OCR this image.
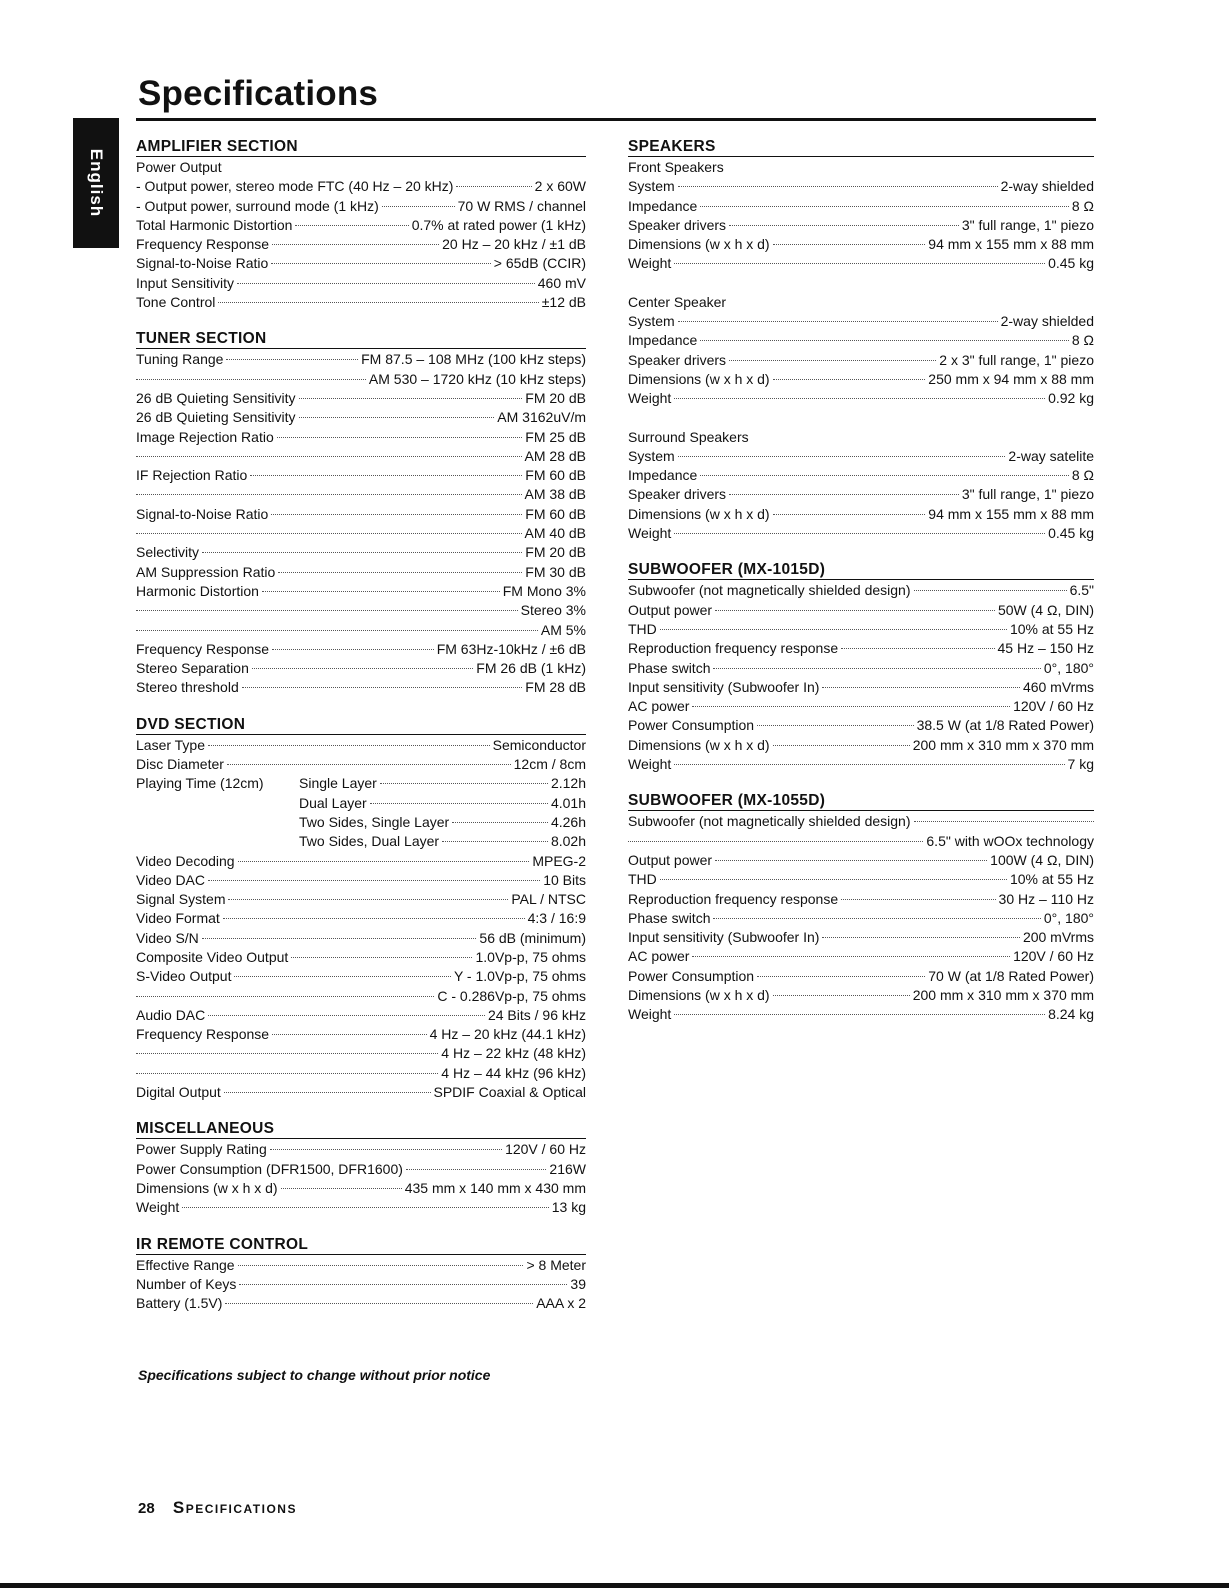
Specifications
English
AMPLIFIER SECTION
Power Output
- Output power, stereo mode FTC (40 Hz – 20 kHz)	2 x 60W
- Output power, surround mode (1 kHz)	70 W RMS / channel
Total Harmonic Distortion	0.7% at rated power (1 kHz)
Frequency Response	20 Hz – 20 kHz / ±1 dB
Signal-to-Noise Ratio	> 65dB (CCIR)
Input Sensitivity	460 mV
Tone Control	±12 dB
TUNER SECTION
Tuning Range	FM 87.5 – 108 MHz (100 kHz steps)
AM 530 – 1720 kHz (10 kHz steps)
26 dB Quieting Sensitivity	FM 20 dB
26 dB Quieting Sensitivity	AM 3162uV/m
Image Rejection Ratio	FM 25 dB
AM 28 dB
IF Rejection Ratio	FM 60 dB
AM 38 dB
Signal-to-Noise Ratio	FM 60 dB
AM 40 dB
Selectivity	FM 20 dB
AM Suppression Ratio	FM 30 dB
Harmonic Distortion	FM Mono 3%
Stereo 3%
AM 5%
Frequency Response	FM 63Hz-10kHz / ±6 dB
Stereo Separation	FM 26 dB (1 kHz)
Stereo threshold	FM 28 dB
DVD SECTION
Laser Type	Semiconductor
Disc Diameter	12cm / 8cm
Playing Time (12cm)	Single Layer	2.12h
Dual Layer	4.01h
Two Sides, Single Layer	4.26h
Two Sides, Dual Layer	8.02h
Video Decoding	MPEG-2
Video DAC	10 Bits
Signal System	PAL / NTSC
Video Format	4:3 / 16:9
Video S/N	56 dB (minimum)
Composite Video Output	1.0Vp-p, 75 ohms
S-Video Output	Y - 1.0Vp-p, 75 ohms
C - 0.286Vp-p, 75 ohms
Audio DAC	24 Bits / 96 kHz
Frequency Response	4 Hz – 20 kHz (44.1 kHz)
4 Hz – 22 kHz (48 kHz)
4 Hz – 44 kHz (96 kHz)
Digital Output	SPDIF Coaxial & Optical
MISCELLANEOUS
Power Supply Rating	120V / 60 Hz
Power Consumption (DFR1500, DFR1600)	216W
Dimensions (w x h x d)	435 mm x 140 mm x 430 mm
Weight	13 kg
IR REMOTE CONTROL
Effective Range	> 8 Meter
Number of Keys	39
Battery (1.5V)	AAA x 2
SPEAKERS
Front Speakers
System	2-way shielded
Impedance	8 Ω
Speaker drivers	3" full range, 1" piezo
Dimensions (w x h x d)	94 mm x 155 mm x 88 mm
Weight	0.45 kg
Center Speaker
System	2-way shielded
Impedance	8 Ω
Speaker drivers	2 x 3" full range, 1" piezo
Dimensions (w x h x d)	250 mm x 94 mm x 88 mm
Weight	0.92 kg
Surround Speakers
System	2-way satelite
Impedance	8 Ω
Speaker drivers	3" full range, 1" piezo
Dimensions (w x h x d)	94 mm x 155 mm x 88 mm
Weight	0.45 kg
SUBWOOFER (MX-1015D)
Subwoofer (not magnetically shielded design)	6.5"
Output power	50W (4 Ω, DIN)
THD	10% at 55 Hz
Reproduction frequency response	45 Hz – 150 Hz
Phase switch	0°, 180°
Input sensitivity (Subwoofer In)	460 mVrms
AC power	120V / 60 Hz
Power Consumption	38.5 W (at 1/8 Rated Power)
Dimensions (w x h x d)	200 mm x 310 mm x 370 mm
Weight	7 kg
SUBWOOFER (MX-1055D)
Subwoofer (not magnetically shielded design)
6.5" with wOOx technology
Output power	100W (4 Ω, DIN)
THD	10% at 55 Hz
Reproduction frequency response	30 Hz – 110 Hz
Phase switch	0°, 180°
Input sensitivity (Subwoofer In)	200 mVrms
AC power	120V / 60 Hz
Power Consumption	70 W (at 1/8 Rated Power)
Dimensions (w x h x d)	200 mm x 310 mm x 370 mm
Weight	8.24 kg
Specifications subject to change without prior notice
28 Specifications
